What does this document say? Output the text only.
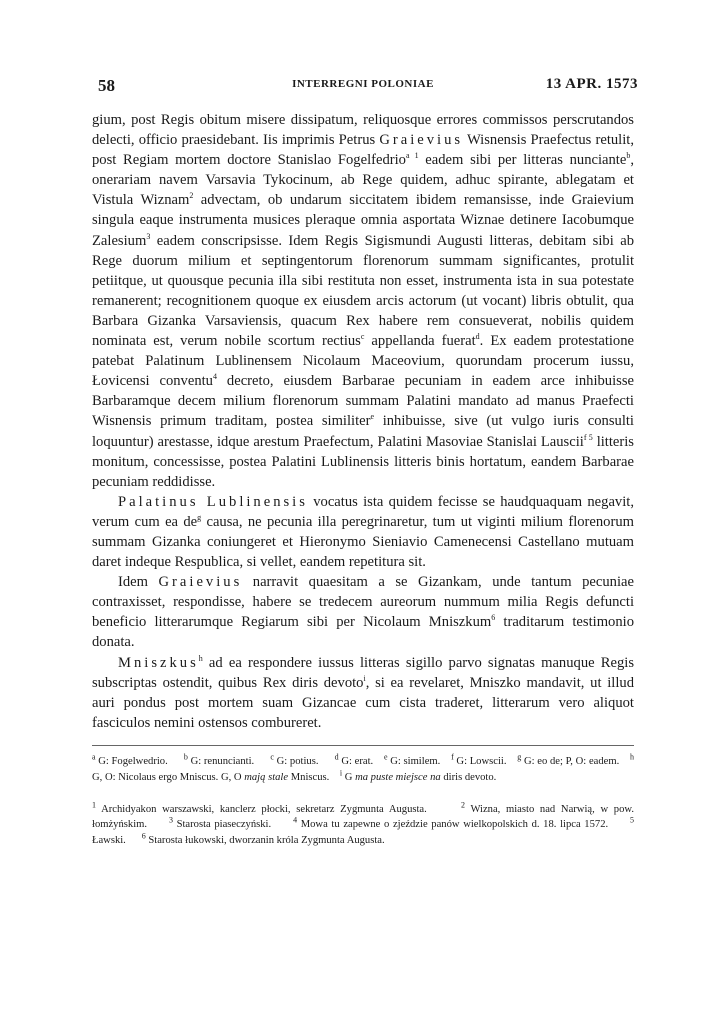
58	INTERREGNI POLONIAE	13 APR. 1573

gium, post Regis obitum misere dissipatum, reliquosque errores commissos perscrutandos delecti, officio praesidebant. Iis imprimis Petrus Graievius Wisnensis Praefectus retulit, post Regiam mortem doctore Stanislao Fogelfedrio$^{a 1}$ eadem sibi per litteras nunciante$^b$, onerariam navem Varsavia Tykocinum, ab Rege quidem, adhuc spirante, ablegatam et Vistula Wiznam$^2$ advectam, ob undarum siccitatem ibidem remansisse, inde Graievium singula eaque instrumenta musices pleraque omnia asportata Wiznae detinere Iacobumque Zalesium$^3$ eadem conscripsisse. Idem Regis Sigismundi Augusti litteras, debitam sibi ab Rege duorum milium et septingentorum florenorum summam significantes, protulit petiitque, ut quousque pecunia illa sibi restituta non esset, instrumenta ista in sua potestate remanerent; recognitionem quoque ex eiusdem arcis actorum (ut vocant) libris obtulit, qua Barbara Gizanka Varsaviensis, quacum Rex habere rem consueverat, nobilis quidem nominata est, verum nobile scortum rectius$^c$ appellanda fuerat$^d$. Ex eadem protestatione patebat Palatinum Lublinensem Nicolaum Maceovium, quorundam procerum iussu, Łovicensi conventu$^4$ decreto, eiusdem Barbarae pecuniam in eadem arce inhibuisse Barbaramque decem milium florenorum summam Palatini mandato ad manus Praefecti Wisnensis primum traditam, postea similiter$^e$ inhibuisse, sive (ut vulgo iuris consulti loquuntur) arestasse, idque arestum Praefectum, Palatini Masoviae Stanislai Lauscii$^{f 5}$ litteris monitum, concessisse, postea Palatini Lublinensis litteris binis hortatum, eandem Barbarae pecuniam reddidisse.

Palatinus Lublinensis vocatus ista quidem fecisse se haudquaquam negavit, verum cum ea $de^g$ causa, ne pecunia illa peregrinaretur, tum ut viginti milium florenorum summam Gizanka coniungeret et Hieronymo Sieniavio Camenecensi Castellano mutuam daret indeque Respublica, si vellet, eandem repetitura sit.

Idem Graievius narravit quaesitam a se Gizankam, unde tantum pecuniae contraxisset, respondisse, habere se tredecem aureorum nummum milia Regis defuncti beneficio litterarumque Regiarum sibi per Nicolaum Mniszkum$^6$ traditarum testimonio donata.

Mniszkus$^h$ ad ea respondere iussus litteras sigillo parvo signatas manuque Regis subscriptas ostendit, quibus Rex diris devoto$^i$, si ea revelaret, Mniszko mandavit, ut illud auri pondus post mortem suam Gizancae cum cista traderet, litterarum vero aliquot fasciculos nemini ostensos combureret.

$^a$ G: Fogelwedrio. $^b$ G: renuncianti. $^c$ G: potius. $^d$ G: erat. $^e$ G: similem. $^f$ G: Lowscii. $^g$ G: eo de; P, O: eadem. $^h$ G, O: Nicolaus ergo Mniscus. G, O mają stale Mniscus. $^i$ G ma puste miejsce na diris devoto.

$^1$ Archidyakon warszawski, kanclerz płocki, sekretarz Zygmunta Augusta.	$^2$ Wizna, miasto nad Narwią, w pow. łomżyńskim.	$^3$ Starosta piaseczyński.	$^4$ Mowa tu zapewne o zjeździe panów wielkopolskich d. 18. lipca 1572.	$^5$ Ławski. $^6$ Starosta łukowski, dworzanin króla Zygmunta Augusta.
